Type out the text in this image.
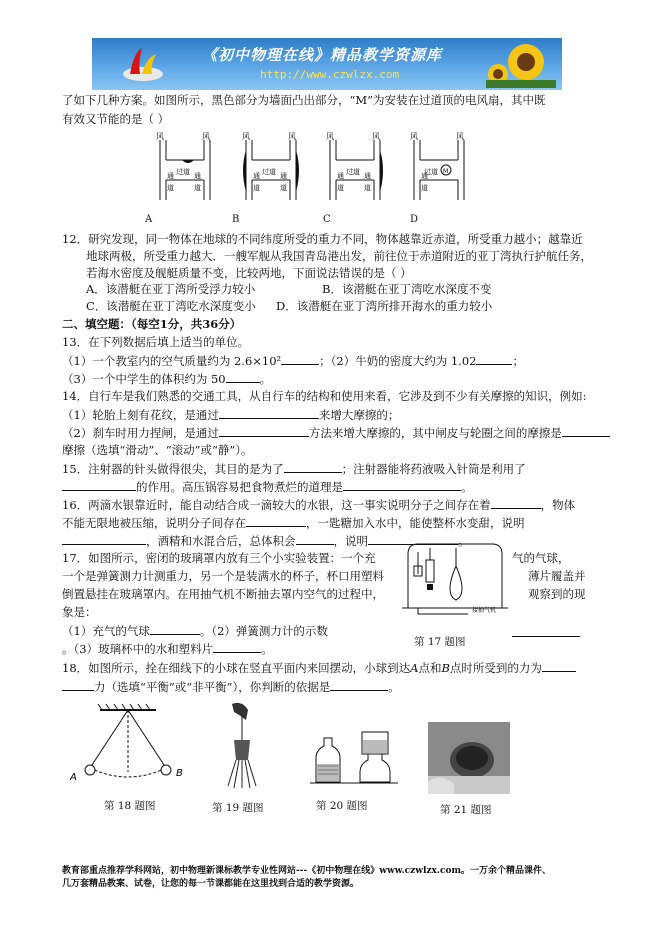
《初中物理在线》精品教学资源库
http://www.czwlzx.com
了如下几种方案。如图所示，黑色部分为墙面凸出部分，“M”为安装在过道顶的电风扇，其中既
有效又节能的是（ ）
风	风
通
道
通
道
过道
风	风
通
道
通
道
过道
风	风
通
道
通
道
过道	M
风	风
通
道
过道
A	B	C	D
12．研究发现，同一物体在地球的不同纬度所受的重力不同，物体越靠近赤道，所受重力越小；越靠近
地球两极，所受重力越大．一艘军舰从我国青岛港出发，前往位于赤道附近的亚丁湾执行护航任务，
若海水密度及舰艇质量不变，比较两地，下面说法错误的是（ ）
A．该潜艇在亚丁湾所受浮力较小	B．该潜艇在亚丁湾吃水深度不变
C．该潜艇在亚丁湾吃水深度变小 D．该潜艇在亚丁湾所排开海水的重力较小
二、填空题：（每空1分，共36分）
13．在下列数据后填上适当的单位。
（1）一个教室内的空气质量约为 2.6×10²	；（2）牛奶的密度大约为 1.02	；
（3）一个中学生的体积约为 50	。
14．自行车是我们熟悉的交通工具，从自行车的结构和使用来看，它涉及到不少有关摩擦的知识，例如:
（1）轮胎上刻有花纹，是通过	来增大摩擦的；
（2）刹车时用力捏闸，是通过	方法来增大摩擦的，其中闸皮与轮圈之间的摩擦是
摩擦（选填“滑动”、“滚动”或“静”）。
15．注射器的针头做得很尖，其目的是为了	；注射器能将药液吸入针筒是利用了
的作用。高压锅容易把食物煮烂的道理是	。
16．两滴水银靠近时，能自动结合成一滴较大的水银，这一事实说明分子之间存在着	，物体
不能无限地被压缩，说明分子间存在	，一匙糖加入水中，能使整杯水变甜，说明
，酒精和水混合后，总体积会	，说明	。
17．如图所示，密闭的玻璃罩内放有三个小实验装置：一个充	气的气球，
一个是弹簧测力计测重力，另一个是装满水的杯子，杯口用塑料	薄片履盖并
倒置悬挂在玻璃罩内。在用抽气机不断抽去罩内空气的过程中，	观察到的现
象是：
（1）充气的气球	。（2）弹簧测力计的示数
。（3）玻璃杯中的水和塑料片	。
接抽气机
第 17 题图
18．如图所示，拴在细线下的小球在竖直平面内来回摆动，小球到达A点和B点时所受到的力为
力（选填“平衡”或“非平衡”），你判断的依据是	。
A	B
第 18 题图	第 19 题图	第 20 题图	第 21 题图
教育部重点推荐学科网站，初中物理新课标教学专业性网站---《初中物理在线》www.czwlzx.com。一万余个精品课件、
几万套精品教案、试卷，让您的每一节课都能在这里找到合适的教学资源。
